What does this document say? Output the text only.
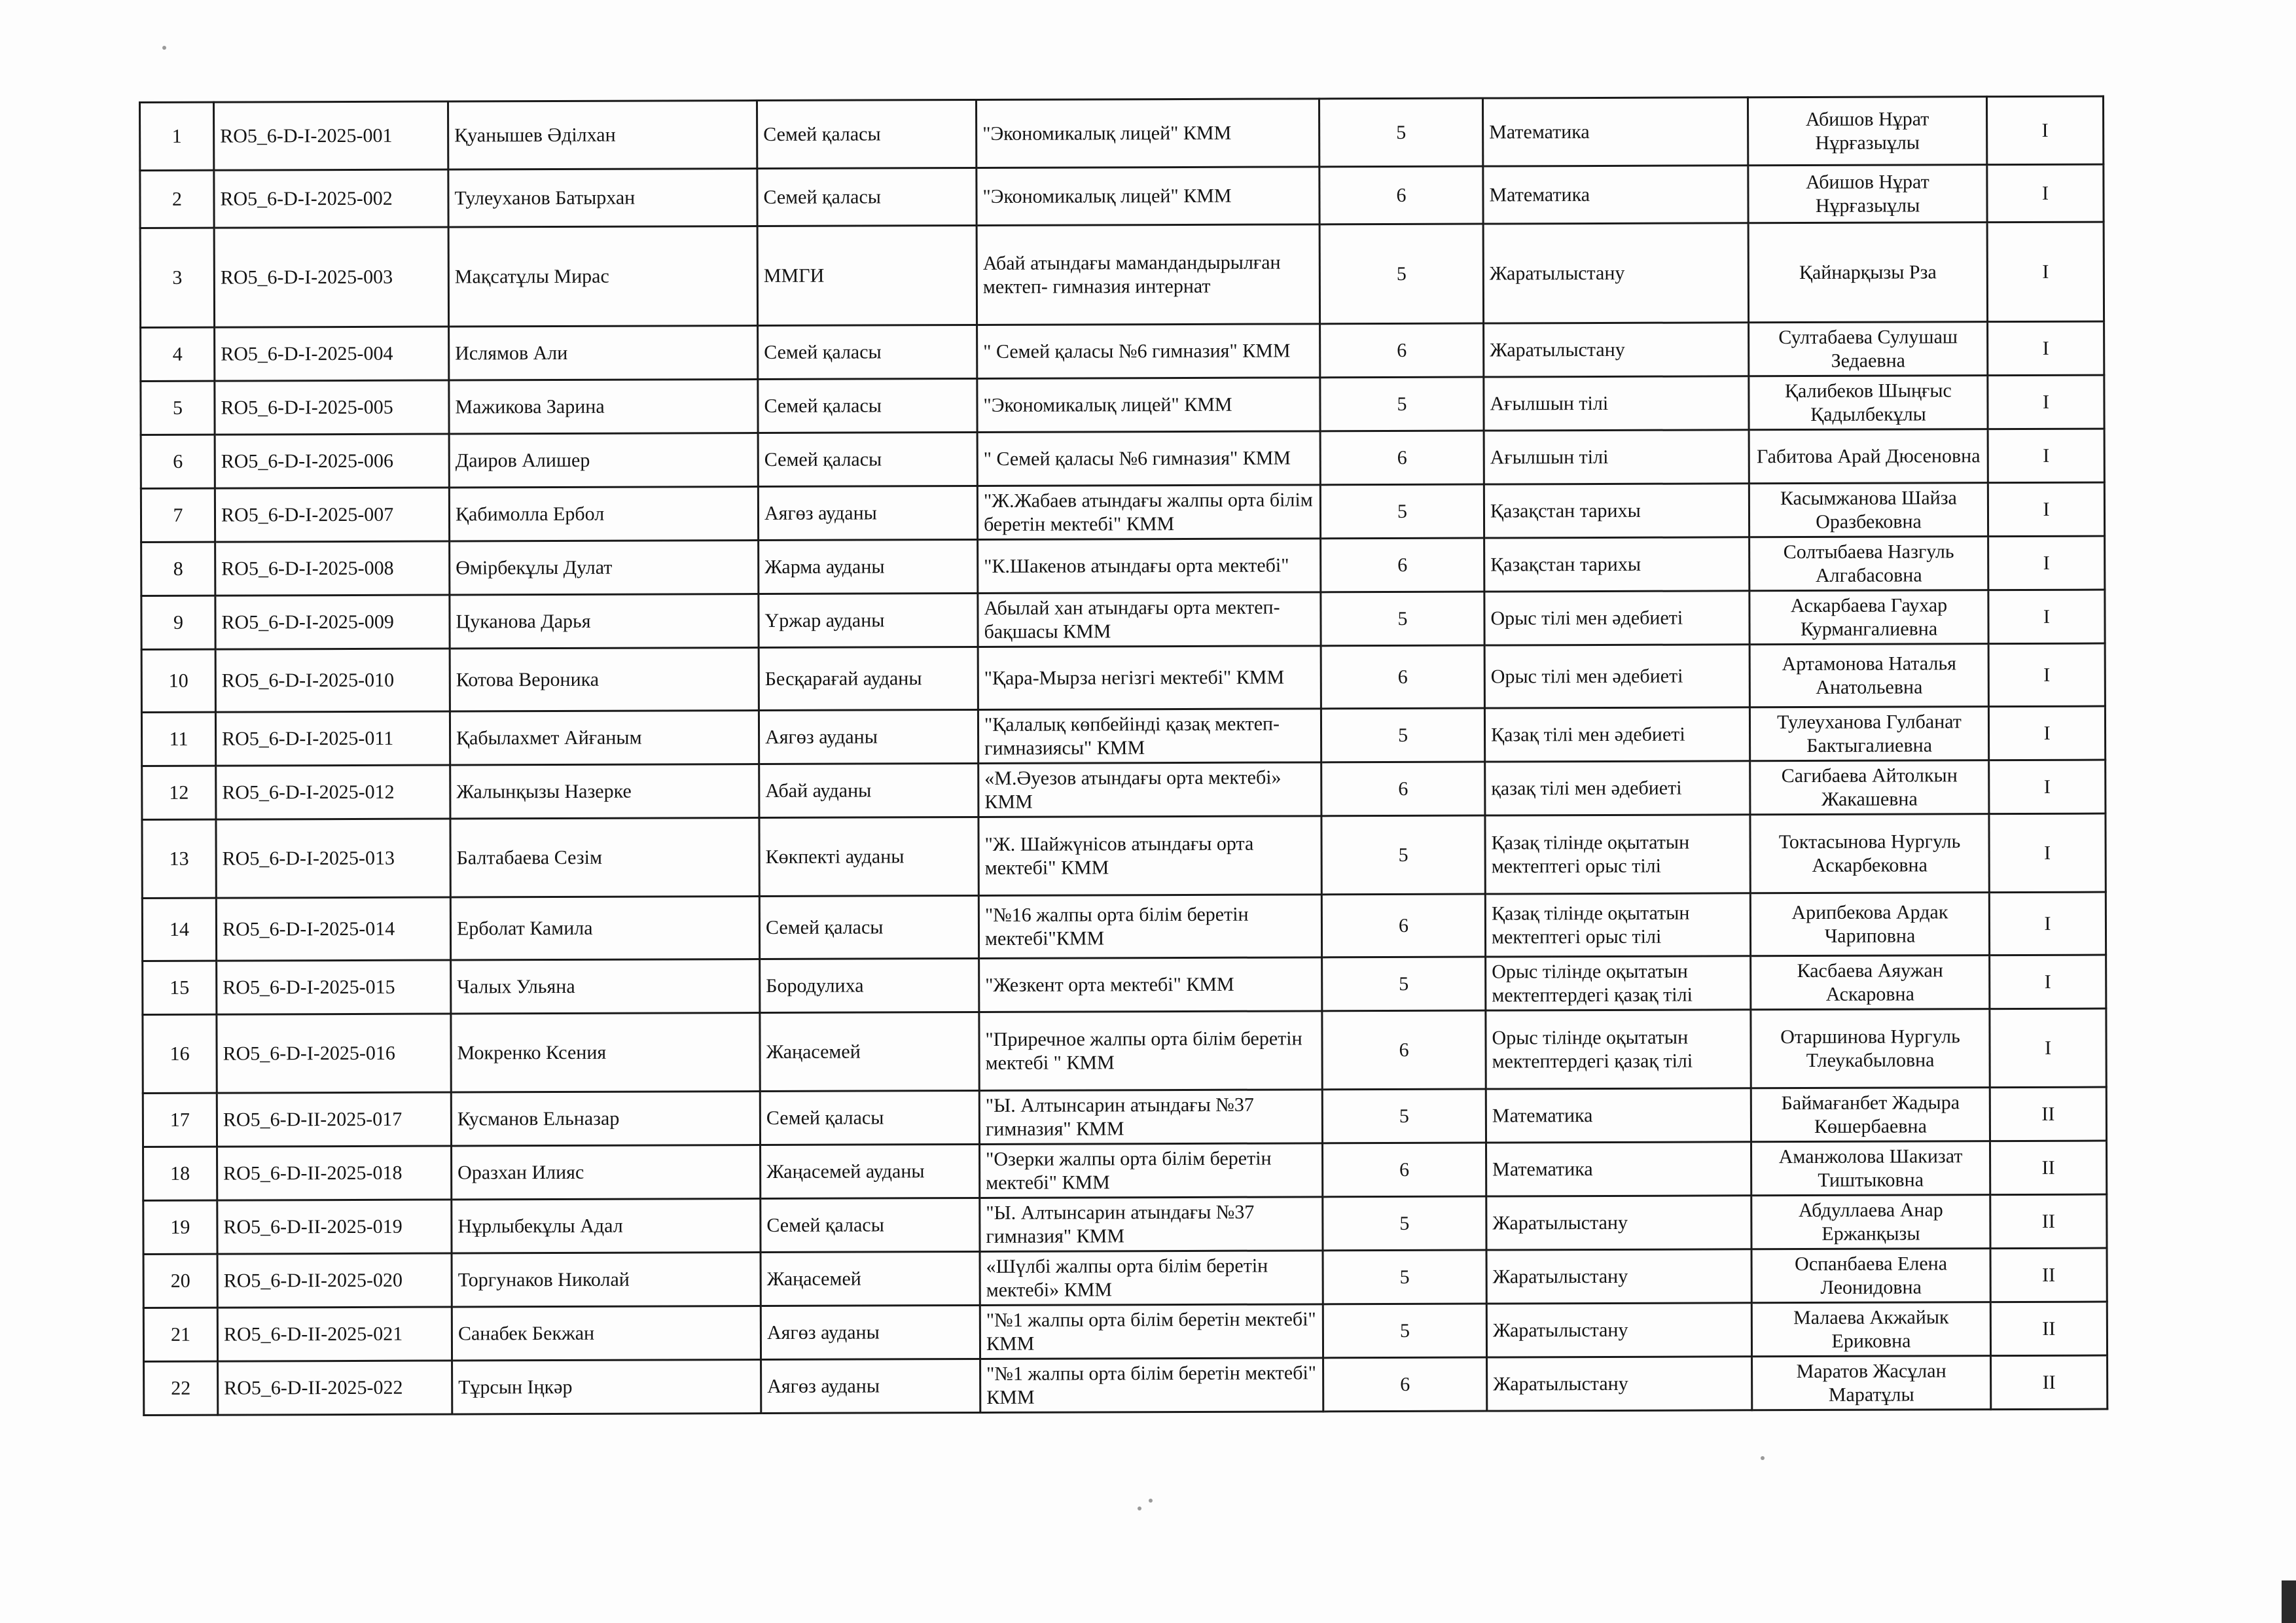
1	RO5_6-D-I-2025-001	Қуанышев Әділхан	Семей қаласы	"Экономикалық лицей" КММ	5	Математика	Абишов Нұрат Нұрғазыұлы	I
2	RO5_6-D-I-2025-002	Тулеуханов Батырхан	Семей қаласы	"Экономикалық лицей" КММ	6	Математика	Абишов Нұрат Нұрғазыұлы	I
3	RO5_6-D-I-2025-003	Мақсатұлы Мирас	ММГИ	Абай атындағы мамандандырылған мектеп- гимназия интернат	5	Жаратылыстану	Қайнарқызы Рза	I
4	RO5_6-D-I-2025-004	Ислямов Али	Семей қаласы	" Семей қаласы №6 гимназия" КММ	6	Жаратылыстану	Султабаева Сулушаш Зедаевна	I
5	RO5_6-D-I-2025-005	Мажикова Зарина	Семей қаласы	"Экономикалық лицей" КММ	5	Ағылшын тілі	Қалибеков Шыңғыс Қадылбекұлы	I
6	RO5_6-D-I-2025-006	Даиров Алишер	Семей қаласы	" Семей қаласы №6 гимназия" КММ	6	Ағылшын тілі	Габитова Арай Дюсеновна	I
7	RO5_6-D-I-2025-007	Қабимолла Ербол	Аягөз ауданы	"Ж.Жабаев атындағы жалпы орта білім беретін мектебі" КММ	5	Қазақстан тарихы	Касымжанова Шайза Оразбековна	I
8	RO5_6-D-I-2025-008	Өмірбекұлы Дулат	Жарма ауданы	"К.Шакенов атындағы орта мектебі"	6	Қазақстан тарихы	Солтыбаева Назгуль Алгабасовна	I
9	RO5_6-D-I-2025-009	Цуканова Дарья	Үржар ауданы	Абылай хан атындағы орта мектеп-бақшасы КММ	5	Орыс тілі мен әдебиеті	Аскарбаева Гаухар Курмангалиевна	I
10	RO5_6-D-I-2025-010	Котова Вероника	Бесқарағай ауданы	"Қара-Мырза негізгі мектебі" КММ	6	Орыс тілі мен әдебиеті	Артамонова Наталья Анатольевна	I
11	RO5_6-D-I-2025-011	Қабылахмет Айғаным	Аягөз ауданы	"Қалалық көпбейінді қазақ мектеп-гимназиясы" КММ	5	Қазақ тілі мен әдебиеті	Тулеуханова Гулбанат Бактыгалиевна	I
12	RO5_6-D-I-2025-012	Жалынқызы Назерке	Абай ауданы	«М.Әуезов атындағы орта мектебі» КММ	6	қазақ тілі мен әдебиеті	Сагибаева Айтолкын Жакашевна	I
13	RO5_6-D-I-2025-013	Балтабаева Сезім	Көкпекті ауданы	"Ж. Шайжүнісов атындағы орта мектебі" КММ	5	Қазақ тілінде оқытатын мектептегі орыс тілі	Токтасынова Нургуль Аскарбековна	I
14	RO5_6-D-I-2025-014	Ерболат Камила	Семей қаласы	"№16 жалпы орта білім беретін мектебі"КММ	6	Қазақ тілінде оқытатын мектептегі орыс тілі	Арипбекова Ардак Чариповна	I
15	RO5_6-D-I-2025-015	Чалых Ульяна	Бородулиха	"Жезкент орта мектебі" КММ	5	Орыс тілінде оқытатын мектептердегі қазақ тілі	Касбаева Аяужан Аскаровна	I
16	RO5_6-D-I-2025-016	Мокренко Ксения	Жаңасемей	"Приречное жалпы орта білім беретін мектебі " КММ	6	Орыс тілінде оқытатын мектептердегі қазақ тілі	Отаршинова Нургуль Тлеукабыловна	I
17	RO5_6-D-II-2025-017	Кусманов Ельназар	Семей қаласы	"Ы. Алтынсарин атындағы №37 гимназия" КММ	5	Математика	Баймағанбет Жадыра Көшербаевна	II
18	RO5_6-D-II-2025-018	Оразхан Илияс	Жаңасемей ауданы	"Озерки жалпы орта білім беретін мектебі" КММ	6	Математика	Аманжолова Шакизат Тиштыковна	II
19	RO5_6-D-II-2025-019	Нұрлыбекұлы Адал	Семей қаласы	"Ы. Алтынсарин атындағы №37 гимназия" КММ	5	Жаратылыстану	Абдуллаева Анар Ержанқызы	II
20	RO5_6-D-II-2025-020	Торгунаков Николай	Жаңасемей	«Шүлбі жалпы орта білім беретін мектебі» КММ	5	Жаратылыстану	Оспанбаева Елена Леонидовна	II
21	RO5_6-D-II-2025-021	Санабек Бекжан	Аягөз ауданы	"№1 жалпы орта білім беретін мектебі" КММ	5	Жаратылыстану	Малаева Акжайык Ериковна	II
22	RO5_6-D-II-2025-022	Тұрсын Іңкәр	Аягөз ауданы	"№1 жалпы орта білім беретін мектебі" КММ	6	Жаратылыстану	Маратов Жасұлан Маратұлы	II
